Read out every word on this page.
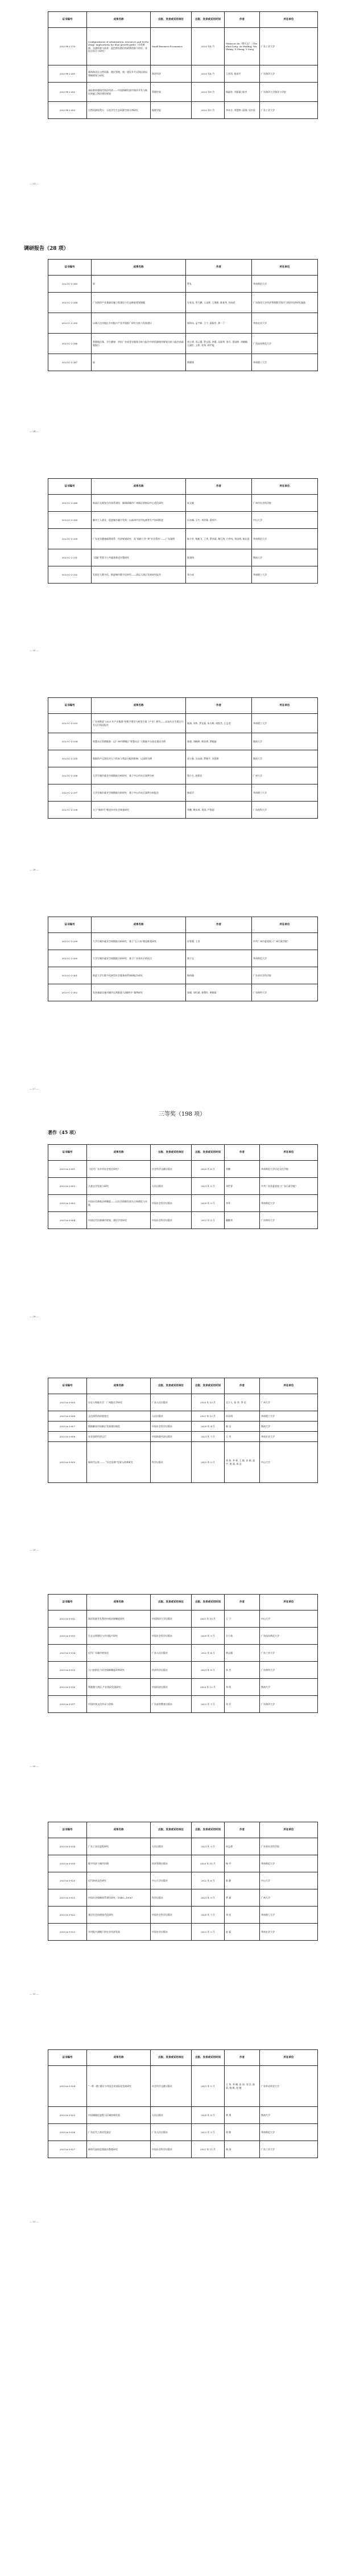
证书编号	成果名称	出版、发表或采用单位	出版、发表或采用时间	作者	所在单位
2023-B-2-270	Configurations of urbanization, resources and technology: implications for blue growth paths（水资源保、交通资源与技术：蓝色增长路径的政策创新与评价，非语言综合与研究）	Small Business Economics	2020 年4 月	Mansoor An（徐天宝）; Chenhui Gong; Ao Huiling; Wu Zhang; X Zheng; Y Song	广东工业大学
2023-B-2-281	珠海海洋区自然资源、渔民管理、统一建设开平式海区格局策略规划与研究	海洋经济	2020 年4 月	王彦西; 陈雨平	广东海洋大学
2023-B-2-282	高标准构建现代海洋经济——中国海域发展中海洋开发与新区探索之海洋建设规划	管理世界	2020 年8 月	杨淑芳; 刘嘉丽; 陈杰	广东海洋大学海洋与学院
2023-B-2-283	自然资源权利人：小流学生生态资源空间分辨研究	地理学报	2022 年5 月	李东方; 李慧婷; 邱琪; 吴红星	广东工业大学
— 23 —
调研报告（28 项）
证书编号	成果名称	作者	所在单位
2023-C-2-283	厨	罗丸	华南师范大学
2023-C-2-284	广东海洋产业基础设施工程建设与生态修复规划课题	方家龙, 李大鹏, 王光辉, 王海姆, 陈春华, 何向花	广东海洋大学经济管理教学海洋与海洋经济研究基地
2023-C-2-285	以珠江沿岸地区乡村振兴产业升级推广研究分析与发展建议	郭海东, 孟宇新, 王宁, 蒋振中, 黄一丁	华南农业大学
2023-C-2-286	香港地区珠、学生健康：对抗广东省青年服务分析与报告中的资源使用规划分析与报告的政策指引	刘立勇, 邓云霞, 罗文彩, 李霞, 吴丽华, 张月, 雷国婷, 刘楠楠, 王丽红, 王婷, 麦华, 林宇旭	广东技术师范大学
2023-C-2-287	厨	黄健康	华南理工大学
— 24 —
证书编号	成果名称	作者	所在单位
2023-C-2-288	新高位无规划合作体系建设：新调研城市广州新区的格局中心优化研究	朱文雄	广州市社会科学院
2023-C-2-289	解决工人就业、促进城乡融合发展：以高州市农村电商等生产协同推进	冯东城, 王红, 刘伯勋, 梁邦兴	中山大学
2023-C-2-290	广东老年健康福利体系：经济规划研究：从“银龄工会”到“社会帮扶”——广东案例	陈少芳, 杨新飞, 王秀, 罗苏丽, 黎江海, 白华亮, 刘达明, 陈长思	华南师范大学
2023-C-2-291	“双碳”背景下公共服务推进对策研究	陈建伟	暨南大学
2023-C-2-292	发展壮大数字化，推进城市数字化转型——清远大湾区发展研究报告	邓小成	华南理工大学
— 25 —
证书编号	成果名称	作者	所在单位
2023-C-2-293	广东省推进“2025 年产业集群”的数字建设与转型方案（产业）研究——以汕头区为重点开发运行情况报告	陈洲, 刘华, 罗文丽, 朱方辉, 周凯生, 王志君	华南理工大学
2023-C-2-294	智慧社区管理服务：以广州市增城区“智慧社区”大数据平台优化建设为例	骆建, 刘晓婷, 黄良勇, 罗晓丽	暨南大学
2023-C-2-295	数据资产运营化对人力资本与利益分配的影响：以深圳为例	邓立新, 冯永刚, 罗晓平, 刘美婷	暨南大学
2023-C-2-296	大学生城乡就业空间数据分析研究：基于中山市社区案例分析	钱小方, 赵莉佳	广州大学
2023-C-2-297	大学生城乡就业空间数据分析研究：基于中山市社区案例分析报告	杨诺学	华南理工大学
2023-C-2-298	关于“新时代”推进乡村社会调查研究	李鹏, 黄东林, 刘涛, 严春丽	广东药科大学
— 26 —
证书编号	成果名称	作者	所在单位
2023-C-2-299	大学生城乡就业空间数据分析研究：基于“石下南”理论框架研究	许智强, 王芳	中共广州市委党校（广州行政学院）
2023-C-2-300	大学生城乡就业空间数据分析研究：基于广东省社区的试点	黄少文	华南师范大学
2023-C-2-301	推进大学生数字化转型社会服务体系调研报告研究	陈柏瑜	广东省社会科学院
2023-C-2-302	发展基础设施对城市运营推进“以城带乡”案例研究	张瑾, 刘红斌, 骆楚红, 黄晓晨	广东财经大学
— 27 —
三等奖（198 项）
著作（45 项）
证书编号	成果名称	出版、发表或采用单位	出版、发表或采用时间	作者	所在单位
2023-A-3-001	《近代广东乡村社会变迁研究》	社会科学文献出版社	2020 年 6 月	刘鹏	华南师范大学历史文化学院
2023-A-3-002	儿童文学发展与研究	人民出版社	2021 年 5 月	邓世青	中共广东省委党校（广东行政学院）
2023-A-3-003	中国社会救助法律制度——以社会保障发展为主线理论与实践	中国社会科学出版社	2020 年 9 月	李华	华南师范大学
2023-A-3-004	中国近代民族城市规划，建设学者研究	中国社会科学出版社	2021 年 3 月	戴继华	广东财经大学
— 28 —
证书编号	成果名称	出版、发表或采用单位	出版、发表或采用时间	作者	所在单位
2023-A-3-005	历史人物地名学：广州地名学研究	广东人民出版社	2020 年 10 月	吴立人, 张 华, 李 佳	广州大学
2023-A-3-006	文化体系的价值变迁	人民出版社	2021 年 12 月	何永明	华南理工大学
2023-A-3-007	数据解读中国新区发展建设规范	中国社会科学出版社	2020 年 4 月	陈 远	暨南大学
2023-A-3-008	农业国的经济运行	中国财政经济出版社	2021 年 7 月	王 丹	华南农业大学
2023-A-3-009	新时代以来 —— “社会治理”发展与改革研究	科学出版社	2022 年 3 月	刘 伟, 李 林, 王 敏, 张 辉, 赵 宇, 黄 丽, 周 洁	中山大学
— 29 —
证书编号	成果名称	出版、发表或采用单位	出版、发表或采用时间	作者	所在单位
2023-A-3-012	海洋资源开发利用中的法律制度研究	中国海洋大学出版社	2021 年 10 月	王 宁	中山大学
2023-A-3-013	生态文明建设与乡村振兴研究	中国社会科学出版社	2020 年 3 月	方小英	广东技术师范大学
2023-A-3-014	近代广东城市规划史	广东人民出版社	2022 年 4 月	黄志强	广东工业大学
2023-A-3-015	人口老龄化与社会保障制度改革研究	经济科学出版社	2021 年 8 月	孙 杰	广东财经大学
2023-A-3-016	粤港澳大湾区 产业协同发展研究	中国经济出版社	2020 年 12 月	李 明	暨南大学
2023-A-3-017	中国传统文化传承与创新	广东高等教育出版社	2022 年 1 月	刘 芳	广东海洋大学
— 30 —
证书编号	成果名称	出版、发表或采用单位	出版、发表或采用时间	作者	所在单位
2023-A-3-018	广东工业化进程研究	人民出版社	2021 年 3 月	何志勇	广东省社会科学院
2023-A-3-019	数字经济与城市治理	经济管理出版社	2020 年 11 月	杨 平	华南师范大学
2023-A-3-020	近代岭南文化研究	中山大学出版社	2022 年 6 月	陈 静	中山大学
2023-A-3-021	中国社会保障体系建设研究（1949—1956）	科学出版社	2021 年 9 月	罗 斌	广州大学
2023-A-3-022	基层社会治理现代化研究	中国社会科学出版社	2020 年 7 月	邓 亮	华南理工大学
2023-A-3-023	乡村振兴战略下的农业经济发展	中国农业出版社	2022 年 2 月	赵 磊	华南农业大学
— 31 —
证书编号	成果名称	出版、发表或采用单位	出版、发表或采用时间	作者	所在单位
2023-A-3-024	“一带一路”建设与中国企业国际化发展研究	社会科学文献出版社	2021 年 5 月	王 华, 李 娜, 张 伟, 刘 洋, 陈 晨, 杨 帆, 赵 敏	广东外语外贸大学
2023-A-3-025	中国城镇化进程与区域协调发展	人民出版社	2020 年 8 月	黄 勇	暨南大学
2023-A-3-026	广东近代工商业发展史	广东人民出版社	2022 年 3 月	周 敏	华南师范大学
2023-A-3-027	新时代高校思想政治教育研究	中国社会科学出版社	2021 年 11 月	林 涛	广东工业大学
— 32 —
